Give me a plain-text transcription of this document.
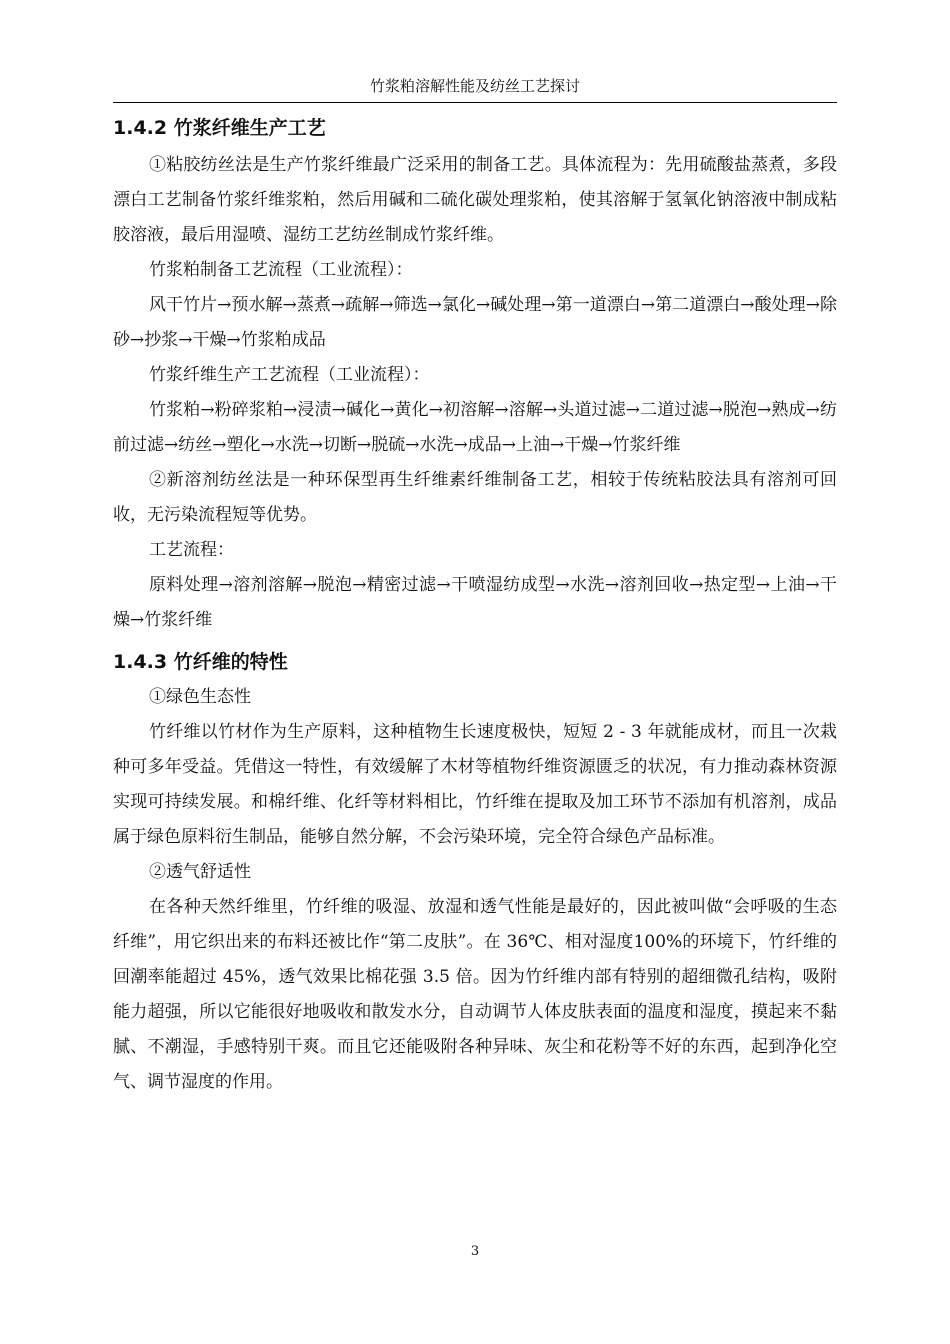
竹浆粕溶解性能及纺丝工艺探讨
1.4.2 竹浆纤维生产工艺

①粘胶纺丝法是生产竹浆纤维最广泛采用的制备工艺。具体流程为：先用硫酸盐蒸煮，多段漂白工艺制备竹浆纤维浆粕，然后用碱和二硫化碳处理浆粕，使其溶解于氢氧化钠溶液中制成粘胶溶液，最后用湿喷、湿纺工艺纺丝制成竹浆纤维。

竹浆粕制备工艺流程（工业流程）：

风干竹片→预水解→蒸煮→疏解→筛选→氯化→碱处理→第一道漂白→第二道漂白→酸处理→除砂→抄浆→干燥→竹浆粕成品

竹浆纤维生产工艺流程（工业流程）：

竹浆粕→粉碎浆粕→浸渍→碱化→黄化→初溶解→溶解→头道过滤→二道过滤→脱泡→熟成→纺前过滤→纺丝→塑化→水洗→切断→脱硫→水洗→成品→上油→干燥→竹浆纤维

②新溶剂纺丝法是一种环保型再生纤维素纤维制备工艺，相较于传统粘胶法具有溶剂可回收，无污染流程短等优势。

工艺流程：

原料处理→溶剂溶解→脱泡→精密过滤→干喷湿纺成型→水洗→溶剂回收→热定型→上油→干燥→竹浆纤维

1.4.3 竹纤维的特性

①绿色生态性

竹纤维以竹材作为生产原料，这种植物生长速度极快，短短 2 - 3 年就能成材，而且一次栽种可多年受益。凭借这一特性，有效缓解了木材等植物纤维资源匮乏的状况，有力推动森林资源实现可持续发展。和棉纤维、化纤等材料相比，竹纤维在提取及加工环节不添加有机溶剂，成品属于绿色原料衍生制品，能够自然分解，不会污染环境，完全符合绿色产品标准。

②透气舒适性

在各种天然纤维里，竹纤维的吸湿、放湿和透气性能是最好的，因此被叫做“会呼吸的生态纤维”，用它织出来的布料还被比作“第二皮肤”。在 36℃、相对湿度100%的环境下，竹纤维的回潮率能超过 45%，透气效果比棉花强 3.5 倍。因为竹纤维内部有特别的超细微孔结构，吸附能力超强，所以它能很好地吸收和散发水分，自动调节人体皮肤表面的温度和湿度，摸起来不黏腻、不潮湿，手感特别干爽。而且它还能吸附各种异味、灰尘和花粉等不好的东西，起到净化空气、调节湿度的作用。

3
